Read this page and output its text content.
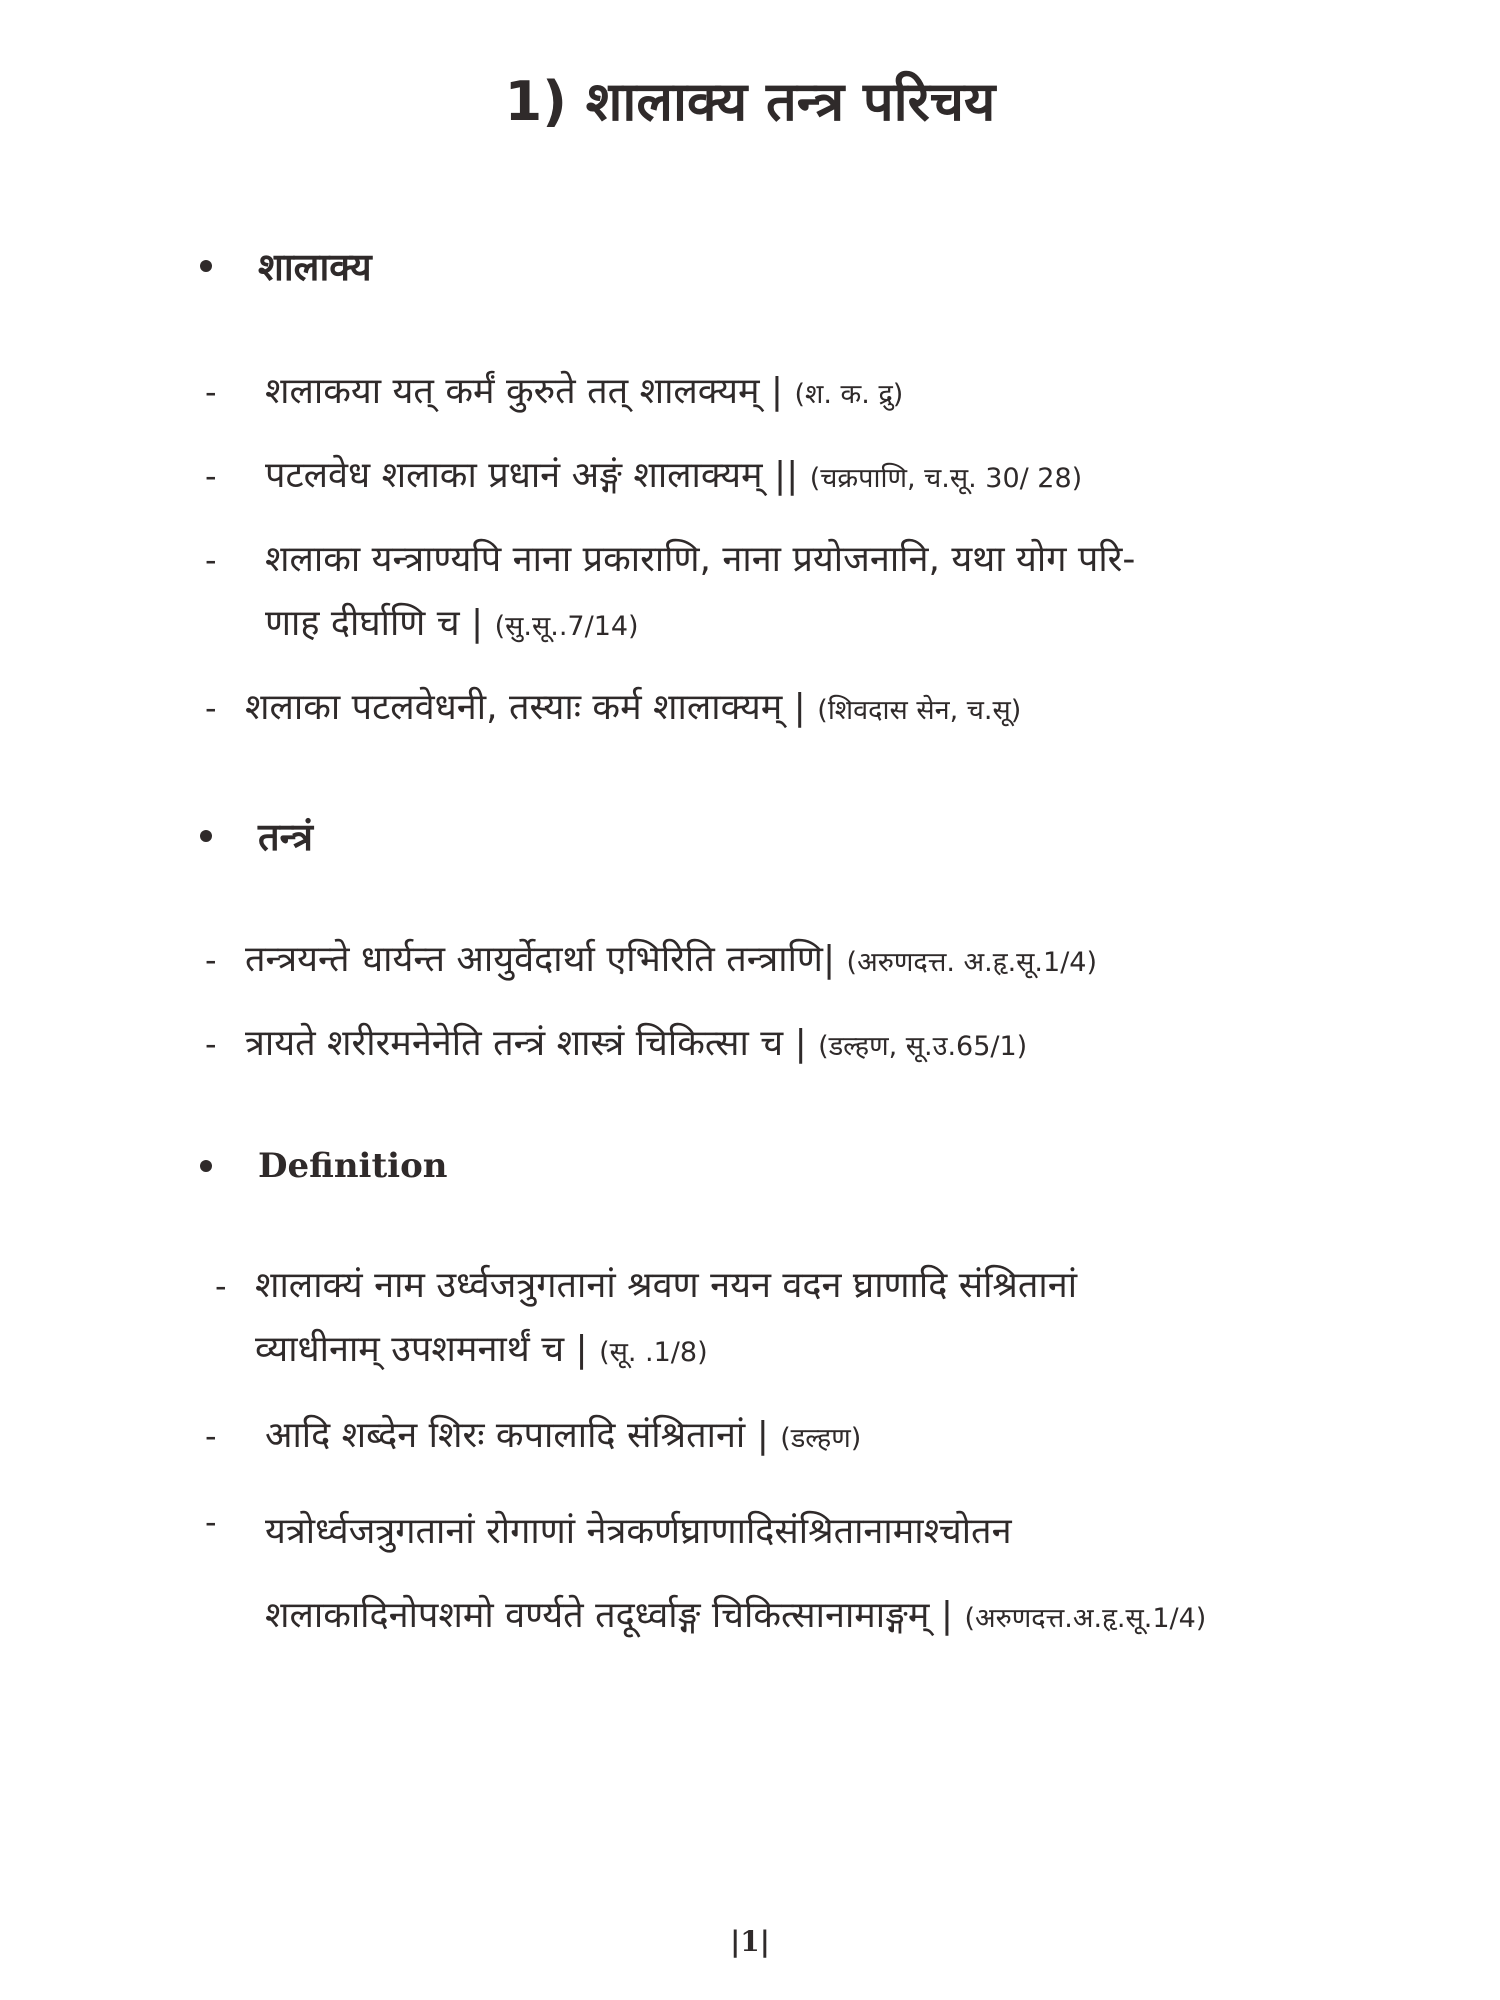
1) शालाक्य तन्त्र परिचय
शालाक्य
-	शलाकया यत् कर्मं कुरुते तत् शालक्यम् | (श. क. द्रु)
-	पटलवेध शलाका प्रधानं अङ्गं शालाक्यम् || (चक्रपाणि, च.सू. 30/ 28)
-	शलाका यन्त्राण्यपि नाना प्रकाराणि, नाना प्रयोजनानि, यथा योग परि-
णाह दीर्घाणि च | (सु.सू..7/14)
- शलाका पटलवेधनी, तस्याः कर्म शालाक्यम् | (शिवदास सेन, च.सू)
तन्त्रं
- तन्त्रयन्ते धार्यन्त आयुर्वेदार्था एभिरिति तन्त्राणि| (अरुणदत्त. अ.हृ.सू.1/4)
- त्रायते शरीरमनेनेति तन्त्रं शास्त्रं चिकित्सा च | (डल्हण, सू.उ.65/1)
Definition
- शालाक्यं नाम उर्ध्वजत्रुगतानां श्रवण नयन वदन घ्राणादि संश्रितानां
व्याधीनाम् उपशमनार्थं च | (सू. .1/8)
-	आदि शब्देन शिरः कपालादि संश्रितानां | (डल्हण)
-	यत्रोर्ध्वजत्रुगतानां रोगाणां नेत्रकर्णघ्राणादिसंश्रितानामाश्चोतन
शलाकादिनोपशमो वर्ण्यते तदूर्ध्वाङ्ग चिकित्सानामाङ्गम् | (अरुणदत्त.अ.हृ.सू.1/4)
|1|
